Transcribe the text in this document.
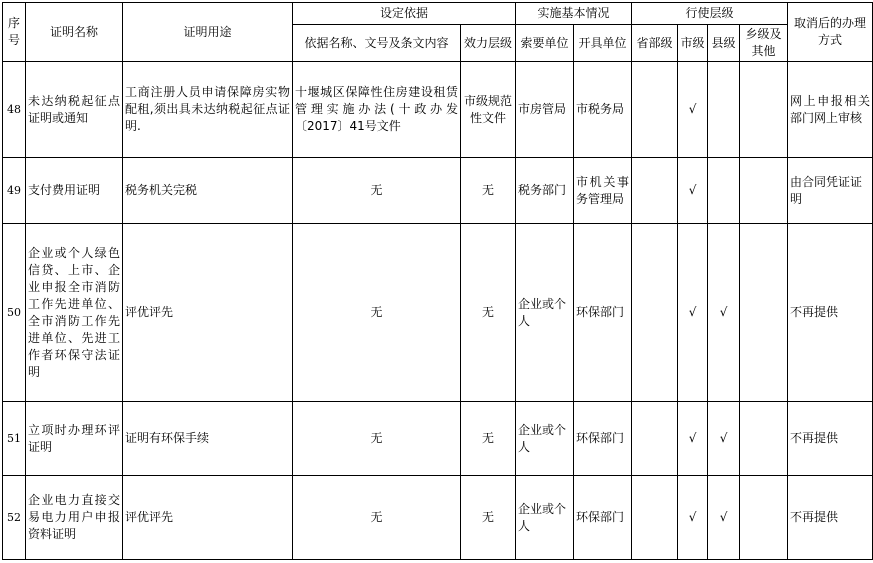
序号	证明名称	证明用途	设定依据		实施基本情况		行使层级				取消后的办理方式
			依据名称、文号及条文内容	效力层级	索要单位	开具单位	省部级	市级	县级	乡级及其他	
48	未达纳税起征点证明或通知	工商注册人员申请保障房实物配租,须出具未达纳税起征点证明.	十堰城区保障性住房建设租赁管理实施办法(十政办发〔2017〕41号文件	市级规范性文件	市房管局	市税务局		√			网上申报相关部门网上审核
49	支付费用证明	税务机关完税	无	无	税务部门	市机关事务管理局		√			由合同凭证证明
50	企业或个人绿色信贷、上市、企业申报全市消防工作先进单位、全市消防工作先进单位、先进工作者环保守法证明	评优评先	无	无	企业或个人	环保部门		√	√		不再提供
51	立项时办理环评证明	证明有环保手续	无	无	企业或个人	环保部门		√	√		不再提供
52	企业电力直接交易电力用户申报资料证明	评优评先	无	无	企业或个人	环保部门		√	√		不再提供
